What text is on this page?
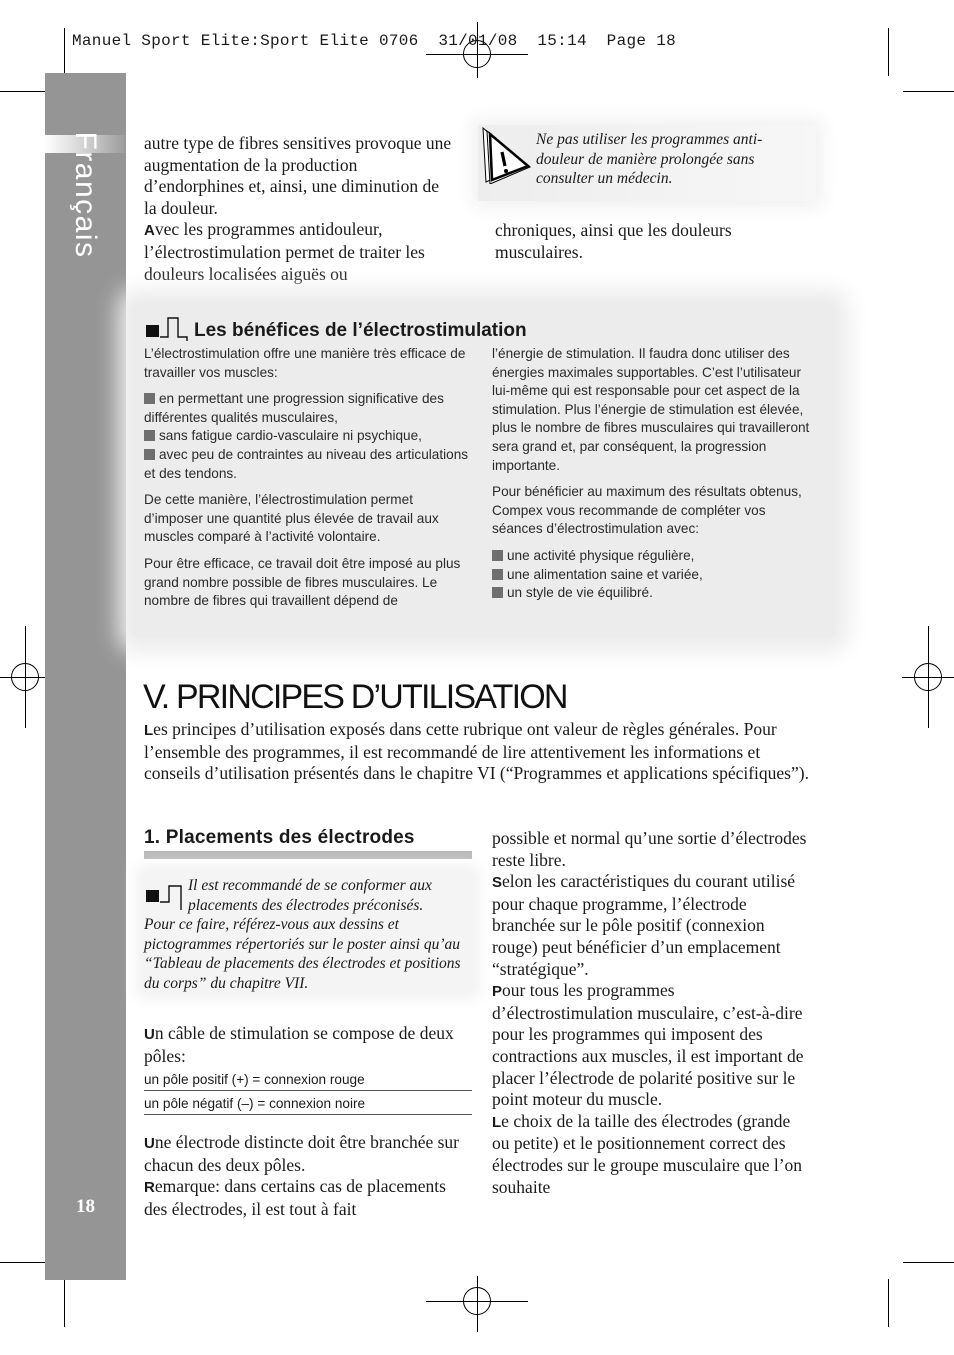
Manuel Sport Elite:Sport Elite 0706  31/01/08  15:14  Page 18
Français
18
autre type de fibres sensitives provoque une augmentation de la production d’endorphines et, ainsi, une diminution de la douleur.
Avec les programmes antidouleur, l’électrostimulation permet de traiter les douleurs localisées aiguës ou
Ne pas utiliser les programmes anti-douleur de manière prolongée sans consulter un médecin.
chroniques, ainsi que les douleurs musculaires.
Les bénéfices de l’électrostimulation

L’électrostimulation offre une manière très efficace de travailler vos muscles:

en permettant une progression significative des différentes qualités musculaires,
sans fatigue cardio-vasculaire ni psychique,
avec peu de contraintes au niveau des articulations et des tendons.

De cette manière, l’électrostimulation permet d’imposer une quantité plus élevée de travail aux muscles comparé à l’activité volontaire.

Pour être efficace, ce travail doit être imposé au plus grand nombre possible de fibres musculaires. Le nombre de fibres qui travaillent dépend de

l’énergie de stimulation. Il faudra donc utiliser des énergies maximales supportables. C’est l’utilisateur lui-même qui est responsable pour cet aspect de la stimulation. Plus l’énergie de stimulation est élevée, plus le nombre de fibres musculaires qui travailleront sera grand et, par conséquent, la progression importante.

Pour bénéficier au maximum des résultats obtenus, Compex vous recommande de compléter vos séances d’électrostimulation avec:

une activité physique régulière,
une alimentation saine et variée,
un style de vie équilibré.

V. PRINCIPES D’UTILISATION
Les principes d’utilisation exposés dans cette rubrique ont valeur de règles générales. Pour l’ensemble des programmes, il est recommandé de lire attentivement les informations et conseils d’utilisation présentés dans le chapitre VI (“Programmes et applications spécifiques”).
1. Placements des électrodes
Il est recommandé de se conformer aux
placements des électrodes préconisés.
Pour ce faire, référez-vous aux dessins et pictogrammes répertoriés sur le poster ainsi qu’au “Tableau de placements des électrodes et positions du corps” du chapitre VII.
Un câble de stimulation se compose de deux pôles:
un pôle positif (+) = connexion rouge
un pôle négatif (–) = connexion noire
Une électrode distincte doit être branchée sur chacun des deux pôles.
Remarque: dans certains cas de placements des électrodes, il est tout à fait
possible et normal qu’une sortie d’électrodes reste libre.
Selon les caractéristiques du courant utilisé pour chaque programme, l’électrode branchée sur le pôle positif (connexion rouge) peut bénéficier d’un emplacement “stratégique”.
Pour tous les programmes d’électrostimulation musculaire, c’est-à-dire pour les programmes qui imposent des contractions aux muscles, il est important de placer l’électrode de polarité positive sur le point moteur du muscle.
Le choix de la taille des électrodes (grande ou petite) et le positionnement correct des électrodes sur le groupe musculaire que l’on souhaite
